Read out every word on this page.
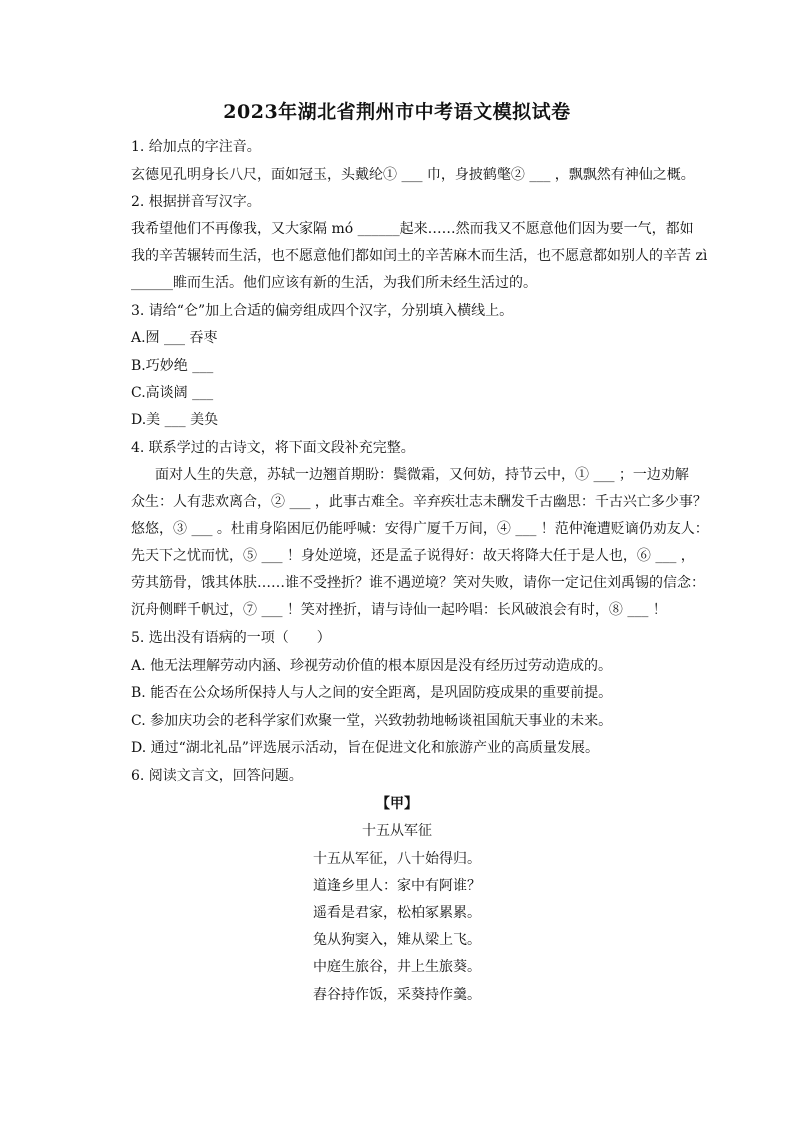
2023年湖北省荆州市中考语文模拟试卷
1. 给加点的字注音。
玄德见孔明身长八尺，面如冠玉，头戴纶① ___ 巾，身披鹤氅② ___ ，飘飘然有神仙之概。
2. 根据拼音写汉字。
我希望他们不再像我，又大家隔 mó ______起来……然而我又不愿意他们因为要一气，都如
我的辛苦辗转而生活，也不愿意他们都如闰土的辛苦麻木而生活，也不愿意都如别人的辛苦 zì
______睢而生活。他们应该有新的生活，为我们所未经生活过的。
3. 请给“仑”加上合适的偏旁组成四个汉字，分别填入横线上。
A.囫 ___ 吞枣
B.巧妙绝 ___
C.高谈阔 ___
D.美 ___ 美奂
4. 联系学过的古诗文，将下面文段补充完整。
面对人生的失意，苏轼一边翘首期盼：鬓微霜，又何妨，持节云中，① ___ ；一边劝解
众生：人有悲欢离合，② ___ ，此事古难全。辛弃疾壮志未酬发千古幽思：千古兴亡多少事？
悠悠，③ ___ 。杜甫身陷困厄仍能呼喊：安得广厦千万间，④ ___ ！范仲淹遭贬谪仍劝友人：
先天下之忧而忧，⑤ ___ ！身处逆境，还是孟子说得好：故天将降大任于是人也，⑥ ___ ，
劳其筋骨，饿其体肤……谁不受挫折？谁不遇逆境？笑对失败，请你一定记住刘禹锡的信念：
沉舟侧畔千帆过，⑦ ___ ！笑对挫折，请与诗仙一起吟唱：长风破浪会有时，⑧ ___ ！
5. 选出没有语病的一项（　　）
A. 他无法理解劳动内涵、珍视劳动价值的根本原因是没有经历过劳动造成的。
B. 能否在公众场所保持人与人之间的安全距离，是巩固防疫成果的重要前提。
C. 参加庆功会的老科学家们欢聚一堂，兴致勃勃地畅谈祖国航天事业的未来。
D. 通过“湖北礼品”评选展示活动，旨在促进文化和旅游产业的高质量发展。
6. 阅读文言文，回答问题。
【甲】
十五从军征
十五从军征，八十始得归。
道逢乡里人：家中有阿谁？
遥看是君家，松柏冢累累。
兔从狗窦入，雉从梁上飞。
中庭生旅谷，井上生旅葵。
舂谷持作饭，采葵持作羹。
